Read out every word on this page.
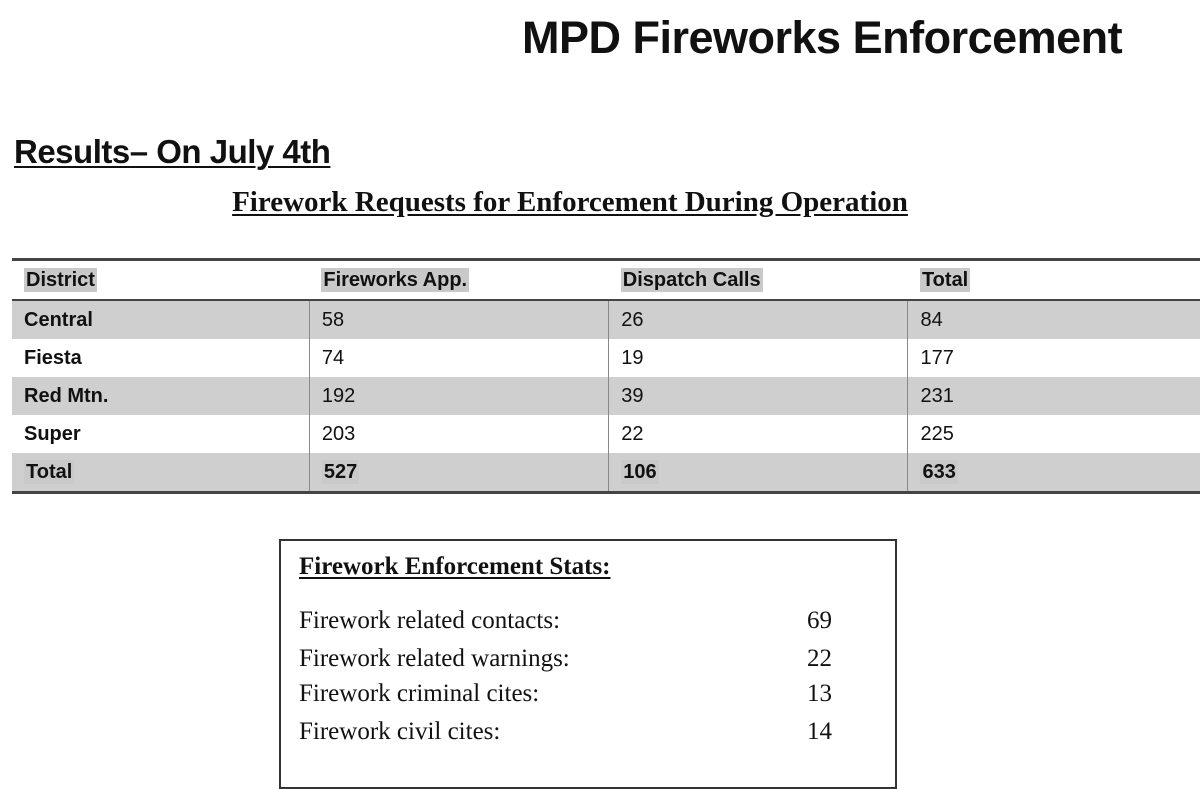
MPD Fireworks Enforcement
Results– On July 4th
Firework Requests for Enforcement During Operation
District	Fireworks App.	Dispatch Calls	Total
Central	58	26	84
Fiesta	74	19	177
Red Mtn.	192	39	231
Super	203	22	225
Total	527	106	633
Firework Enforcement Stats:
Firework related contacts:	69
Firework related warnings:	22
Firework criminal cites:	13
Firework civil cites:	14
